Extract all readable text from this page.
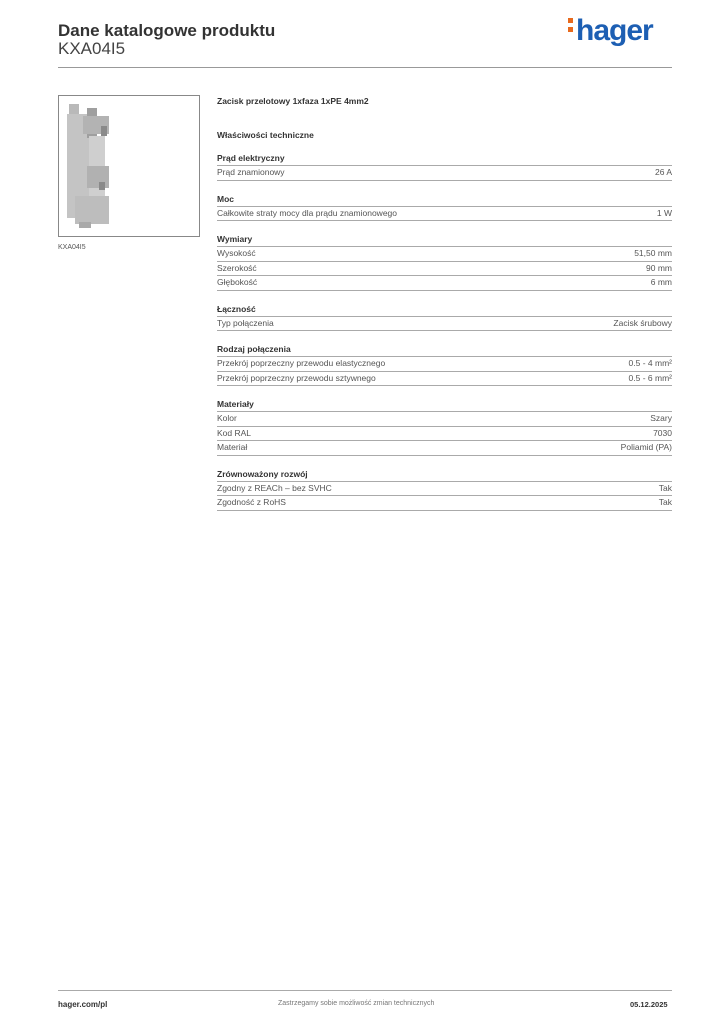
Dane katalogowe produktu
KXA04I5
hager
KXA04I5
Zacisk przelotowy 1xfaza 1xPE 4mm2
Właściwości techniczne
Prąd elektryczny
Prąd znamionowy	26 A
Moc
Całkowite straty mocy dla prądu znamionowego	1 W
Wymiary
Wysokość	51,50 mm
Szerokość	90 mm
Głębokość	6 mm
Łączność
Typ połączenia	Zacisk śrubowy
Rodzaj połączenia
Przekrój poprzeczny przewodu elastycznego	0.5 - 4 mm²
Przekrój poprzeczny przewodu sztywnego	0.5 - 6 mm²
Materiały
Kolor	Szary
Kod RAL	7030
Materiał	Poliamid (PA)
Zrównoważony rozwój
Zgodny z REACh – bez SVHC	Tak
Zgodność z RoHS	Tak
hager.com/pl	Zastrzegamy sobie możliwość zmian technicznych	05.12.2025
